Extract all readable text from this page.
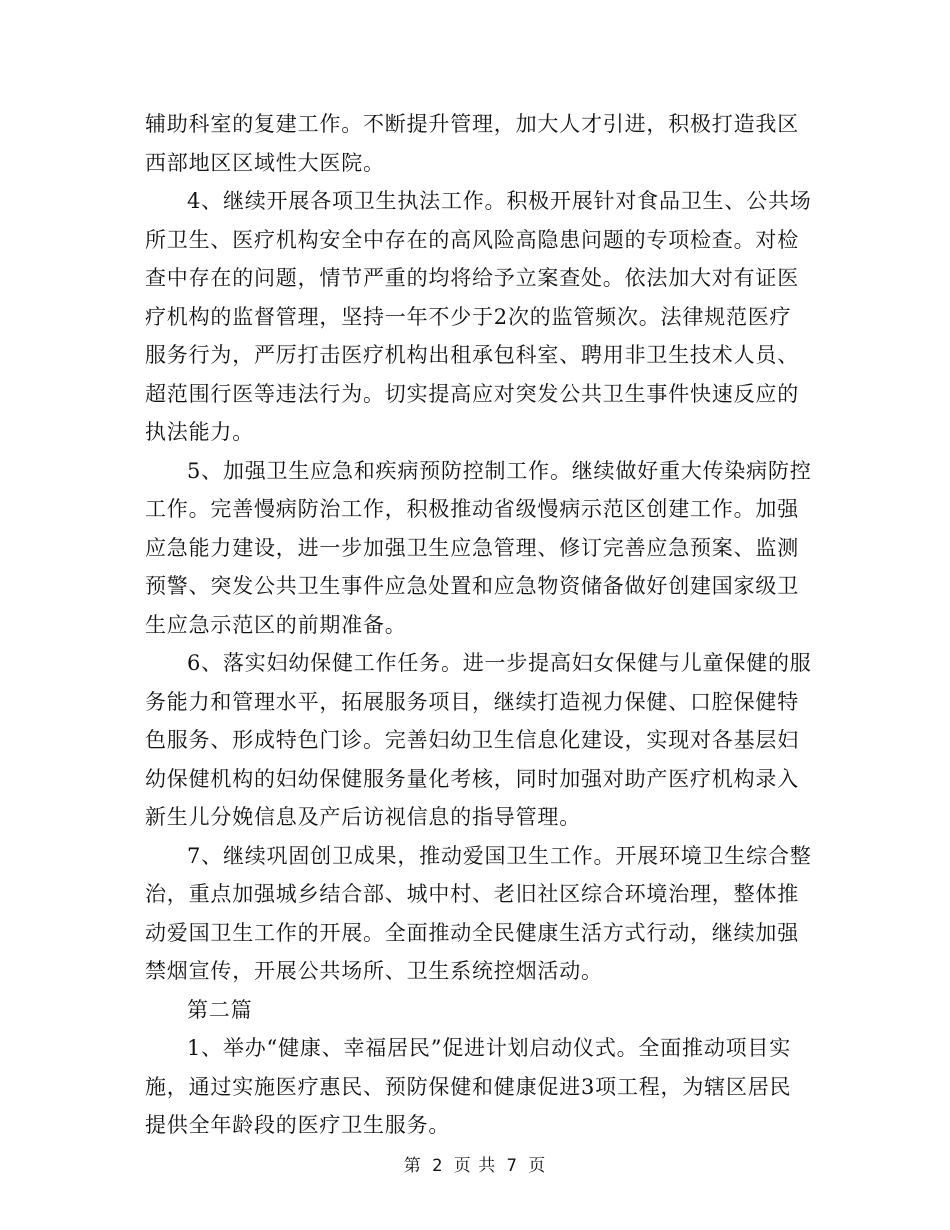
辅助科室的复建工作。不断提升管理，加大人才引进，积极打造我区
西部地区区域性大医院。
4、继续开展各项卫生执法工作。积极开展针对食品卫生、公共场
所卫生、医疗机构安全中存在的高风险高隐患问题的专项检查。对检
查中存在的问题，情节严重的均将给予立案查处。依法加大对有证医
疗机构的监督管理，坚持一年不少于2次的监管频次。法律规范医疗
服务行为，严厉打击医疗机构出租承包科室、聘用非卫生技术人员、
超范围行医等违法行为。切实提高应对突发公共卫生事件快速反应的
执法能力。
5、加强卫生应急和疾病预防控制工作。继续做好重大传染病防控
工作。完善慢病防治工作，积极推动省级慢病示范区创建工作。加强
应急能力建设，进一步加强卫生应急管理、修订完善应急预案、监测
预警、突发公共卫生事件应急处置和应急物资储备做好创建国家级卫
生应急示范区的前期准备。
6、落实妇幼保健工作任务。进一步提高妇女保健与儿童保健的服
务能力和管理水平，拓展服务项目，继续打造视力保健、口腔保健特
色服务、形成特色门诊。完善妇幼卫生信息化建设，实现对各基层妇
幼保健机构的妇幼保健服务量化考核，同时加强对助产医疗机构录入
新生儿分娩信息及产后访视信息的指导管理。
7、继续巩固创卫成果，推动爱国卫生工作。开展环境卫生综合整
治，重点加强城乡结合部、城中村、老旧社区综合环境治理，整体推
动爱国卫生工作的开展。全面推动全民健康生活方式行动，继续加强
禁烟宣传，开展公共场所、卫生系统控烟活动。
第二篇
1、举办“健康、幸福居民”促进计划启动仪式。全面推动项目实
施，通过实施医疗惠民、预防保健和健康促进3项工程，为辖区居民
提供全年龄段的医疗卫生服务。
第 2 页 共 7 页
